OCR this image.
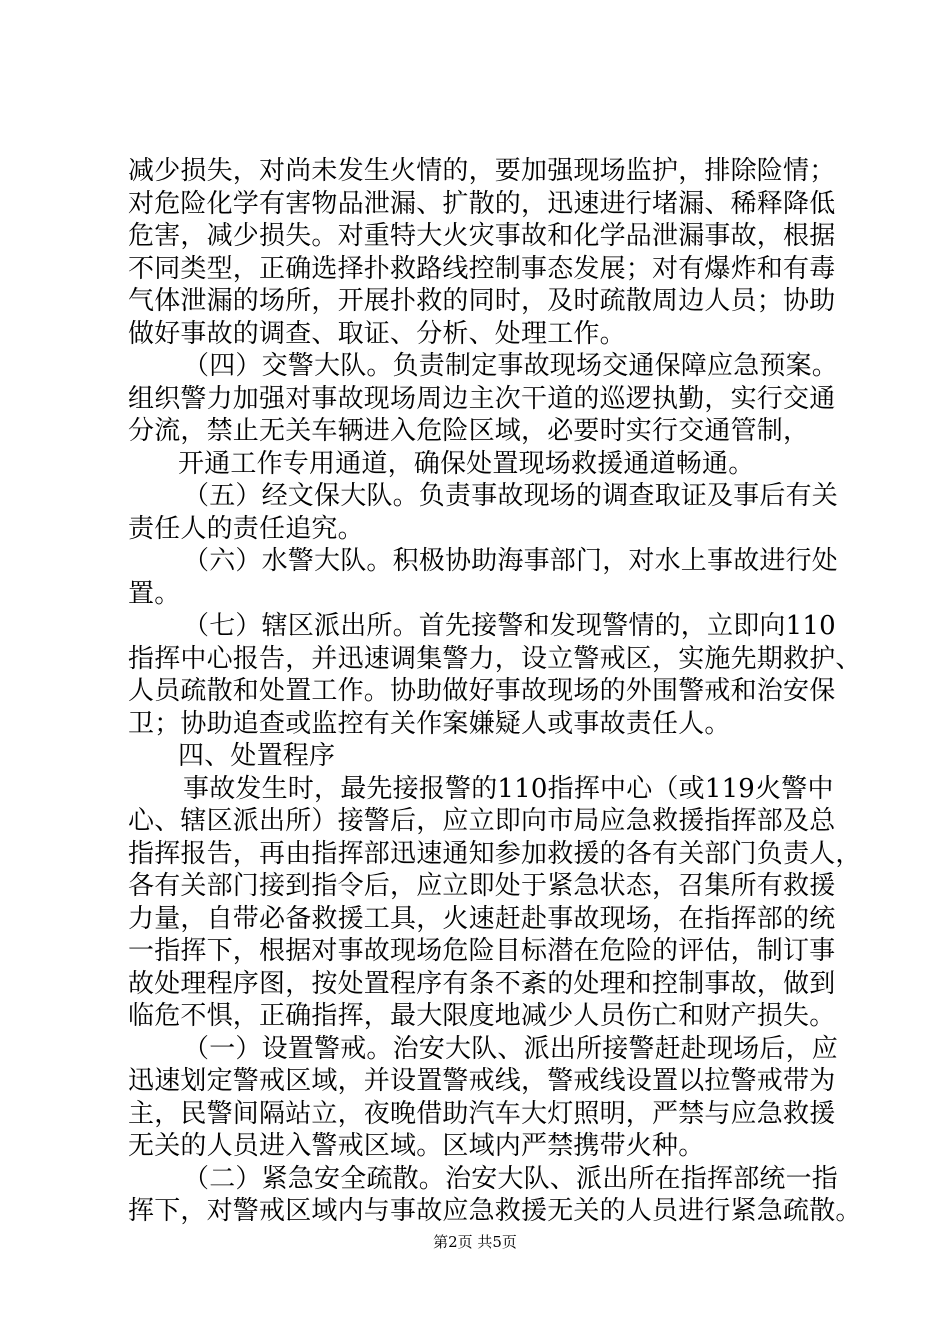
减少损失，对尚未发生火情的，要加强现场监护，排除险情；
对危险化学有害物品泄漏、扩散的，迅速进行堵漏、稀释降低
危害，减少损失。对重特大火灾事故和化学品泄漏事故，根据
不同类型，正确选择扑救路线控制事态发展；对有爆炸和有毒
气体泄漏的场所，开展扑救的同时，及时疏散周边人员；协助
做好事故的调查、取证、分析、处理工作。
（四）交警大队。负责制定事故现场交通保障应急预案。
组织警力加强对事故现场周边主次干道的巡逻执勤，实行交通
分流，禁止无关车辆进入危险区域，必要时实行交通管制，
开通工作专用通道，确保处置现场救援通道畅通。
（五）经文保大队。负责事故现场的调查取证及事后有关
责任人的责任追究。
（六）水警大队。积极协助海事部门，对水上事故进行处
置。
（七）辖区派出所。首先接警和发现警情的，立即向110
指挥中心报告，并迅速调集警力，设立警戒区，实施先期救护、
人员疏散和处置工作。协助做好事故现场的外围警戒和治安保
卫；协助追查或监控有关作案嫌疑人或事故责任人。
四、处置程序
事故发生时，最先接报警的110指挥中心（或119火警中
心、辖区派出所）接警后，应立即向市局应急救援指挥部及总
指挥报告，再由指挥部迅速通知参加救援的各有关部门负责人，
各有关部门接到指令后，应立即处于紧急状态，召集所有救援
力量，自带必备救援工具，火速赶赴事故现场，在指挥部的统
一指挥下，根据对事故现场危险目标潜在危险的评估，制订事
故处理程序图，按处置程序有条不紊的处理和控制事故，做到
临危不惧，正确指挥，最大限度地减少人员伤亡和财产损失。
（一）设置警戒。治安大队、派出所接警赶赴现场后，应
迅速划定警戒区域，并设置警戒线，警戒线设置以拉警戒带为
主，民警间隔站立，夜晚借助汽车大灯照明，严禁与应急救援
无关的人员进入警戒区域。区域内严禁携带火种。
（二）紧急安全疏散。治安大队、派出所在指挥部统一指
挥下，对警戒区域内与事故应急救援无关的人员进行紧急疏散。
第2页 共5页
